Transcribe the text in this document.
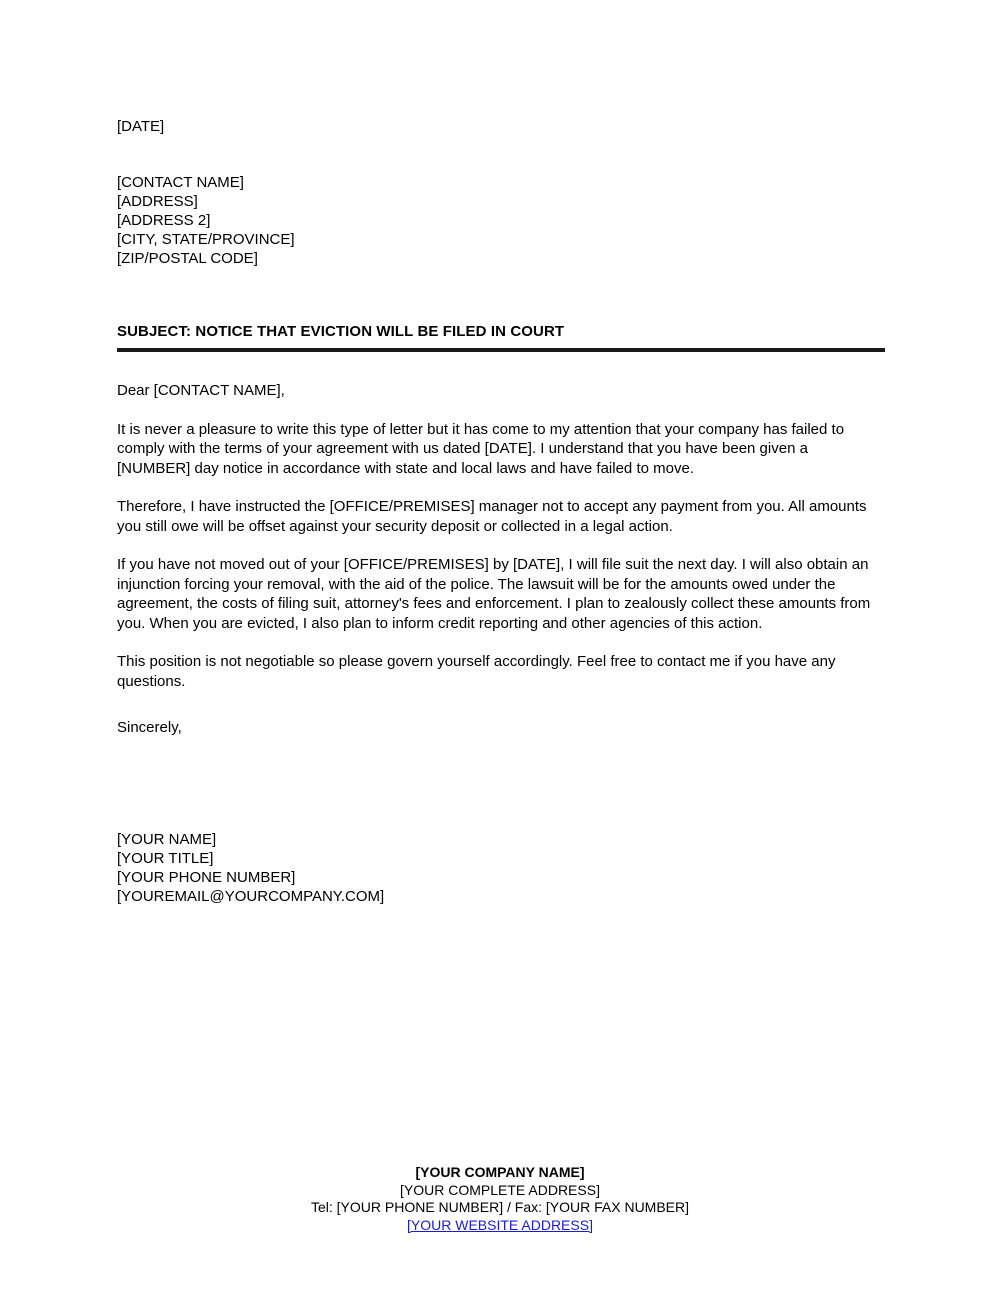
[DATE]
[CONTACT NAME]
[ADDRESS]
[ADDRESS 2]
[CITY, STATE/PROVINCE]
[ZIP/POSTAL CODE]
SUBJECT: NOTICE THAT EVICTION WILL BE FILED IN COURT

Dear [CONTACT NAME],

It is never a pleasure to write this type of letter but it has come to my attention that your company has failed to comply with the terms of your agreement with us dated [DATE]. I understand that you have been given a [NUMBER] day notice in accordance with state and local laws and have failed to move.

Therefore, I have instructed the [OFFICE/PREMISES] manager not to accept any payment from you. All amounts you still owe will be offset against your security deposit or collected in a legal action.

If you have not moved out of your [OFFICE/PREMISES] by [DATE], I will file suit the next day. I will also obtain an injunction forcing your removal, with the aid of the police. The lawsuit will be for the amounts owed under the agreement, the costs of filing suit, attorney's fees and enforcement. I plan to zealously collect these amounts from you. When you are evicted, I also plan to inform credit reporting and other agencies of this action.

This position is not negotiable so please govern yourself accordingly. Feel free to contact me if you have any questions.

Sincerely,

[YOUR NAME]
[YOUR TITLE]
[YOUR PHONE NUMBER]
[YOUREMAIL@YOURCOMPANY.COM]
[YOUR COMPANY NAME]
[YOUR COMPLETE ADDRESS]
Tel: [YOUR PHONE NUMBER] / Fax: [YOUR FAX NUMBER]
[YOUR WEBSITE ADDRESS]
